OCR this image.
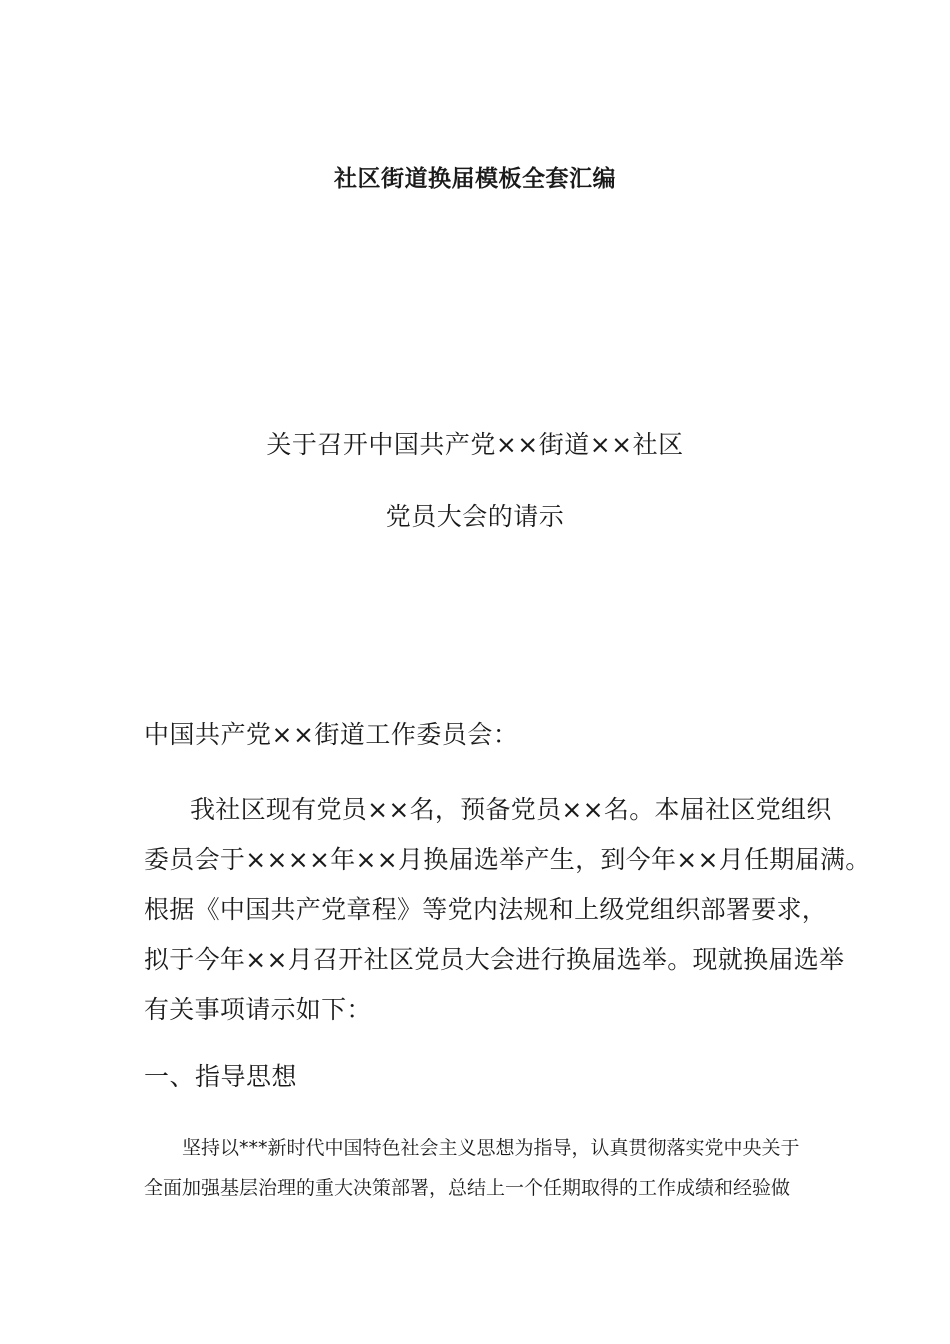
社区街道换届模板全套汇编
关于召开中国共产党××街道××社区
党员大会的请示
中国共产党××街道工作委员会：
我社区现有党员××名，预备党员××名。本届社区党组织
委员会于××××年××月换届选举产生，到今年××月任期届满。
根据《中国共产党章程》等党内法规和上级党组织部署要求，
拟于今年××月召开社区党员大会进行换届选举。现就换届选举
有关事项请示如下：
一、指导思想
坚持以***新时代中国特色社会主义思想为指导，认真贯彻落实党中央关于
全面加强基层治理的重大决策部署，总结上一个任期取得的工作成绩和经验做
